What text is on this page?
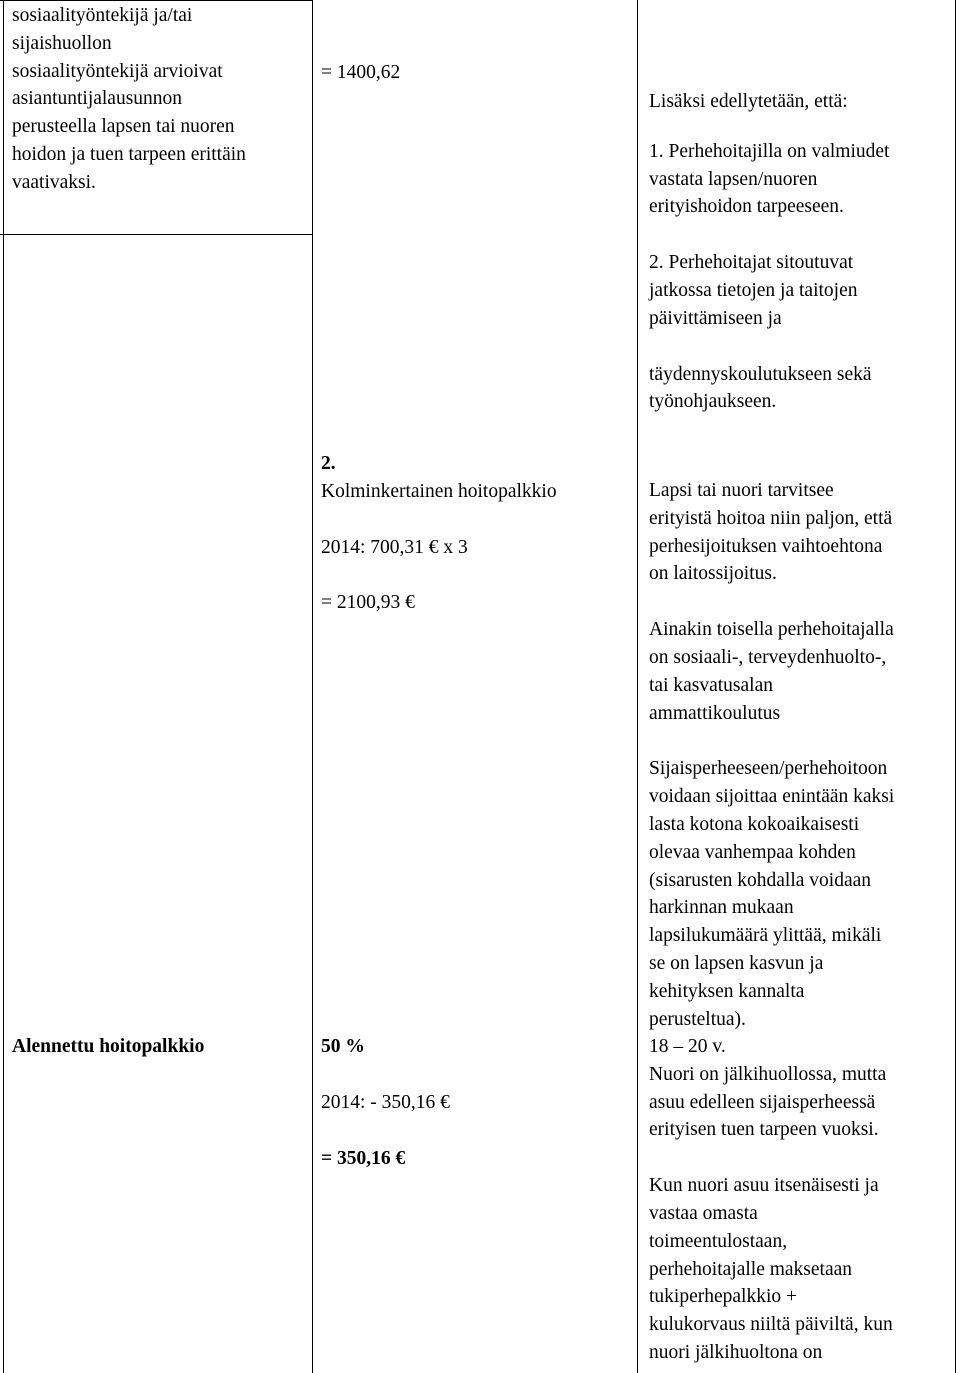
sosiaalityöntekijä ja/tai

sijaishuollon

sosiaalityöntekijä arvioivat

asiantuntijalausunnon

perusteella lapsen tai nuoren

hoidon ja tuen tarpeen erittäin

vaativaksi.

= 1400,62

Lisäksi edellytetään, että:

1. Perhehoitajilla on valmiudet

vastata lapsen/nuoren

erityishoidon tarpeeseen.

2. Perhehoitajat sitoutuvat

jatkossa tietojen ja taitojen

päivittämiseen ja

täydennyskoulutukseen sekä

työnohjaukseen.

2.

Kolminkertainen hoitopalkkio

2014: 700,31 € x 3

= 2100,93 €

Lapsi tai nuori tarvitsee

erityistä hoitoa niin paljon, että

perhesijoituksen vaihtoehtona

on laitossijoitus.

Ainakin toisella perhehoitajalla

on sosiaali-, terveydenhuolto-,

tai kasvatusalan

ammattikoulutus

Sijaisperheeseen/perhehoitoon

voidaan sijoittaa enintään kaksi

lasta kotona kokoaikaisesti

olevaa vanhempaa kohden

(sisarusten kohdalla voidaan

harkinnan mukaan

lapsilukumäärä ylittää, mikäli

se on lapsen kasvun ja

kehityksen kannalta

perusteltua).

Alennettu hoitopalkkio	50 %

2014: - 350,16 €

= 350,16 €

18 – 20 v.

Nuori on jälkihuollossa, mutta

asuu edelleen sijaisperheessä

erityisen tuen tarpeen vuoksi.

Kun nuori asuu itsenäisesti ja

vastaa omasta

toimeentulostaan,

perhehoitajalle maksetaan

tukiperhepalkkio +

kulukorvaus niiltä päiviltä, kun

nuori jälkihuoltona on
